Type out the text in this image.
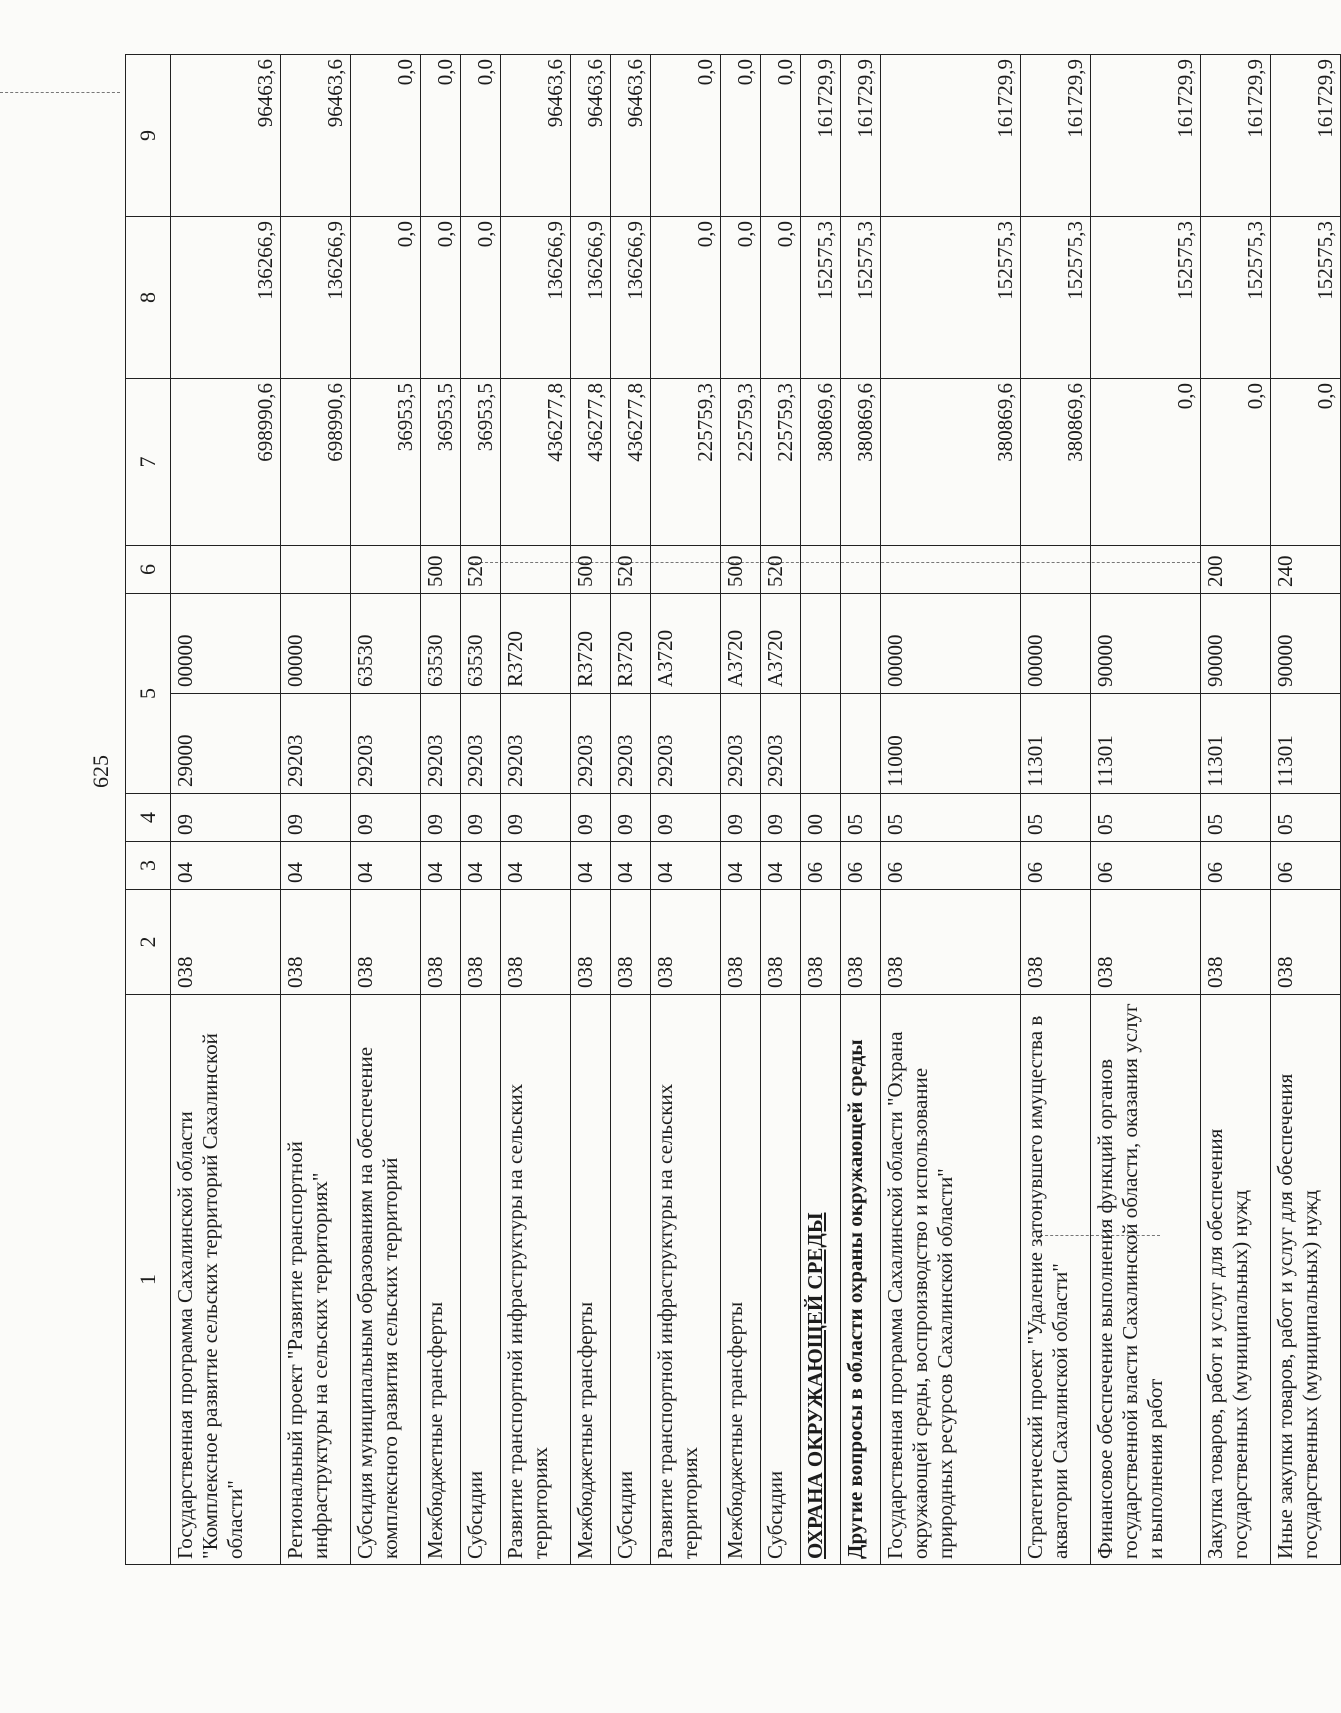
625
1	2	3	4	5		6	7	8	9
Государственная программа Сахалинской области "Комплексное развитие сельских территорий Сахалинской области"	038	04	09	29000	00000		698990,6	136266,9	96463,6
Региональный проект "Развитие транспортной инфраструктуры на сельских территориях"	038	04	09	29203	00000		698990,6	136266,9	96463,6
Субсидия муниципальным образованиям на обеспечение комплексного развития сельских территорий	038	04	09	29203	63530		36953,5	0,0	0,0
Межбюджетные трансферты	038	04	09	29203	63530	500	36953,5	0,0	0,0
Субсидии	038	04	09	29203	63530	520	36953,5	0,0	0,0
Развитие транспортной инфраструктуры на сельских территориях	038	04	09	29203	R3720		436277,8	136266,9	96463,6
Межбюджетные трансферты	038	04	09	29203	R3720	500	436277,8	136266,9	96463,6
Субсидии	038	04	09	29203	R3720	520	436277,8	136266,9	96463,6
Развитие транспортной инфраструктуры на сельских территориях	038	04	09	29203	A3720		225759,3	0,0	0,0
Межбюджетные трансферты	038	04	09	29203	A3720	500	225759,3	0,0	0,0
Субсидии	038	04	09	29203	A3720	520	225759,3	0,0	0,0
ОХРАНА ОКРУЖАЮЩЕЙ СРЕДЫ	038	06	00				380869,6	152575,3	161729,9
Другие вопросы в области охраны окружающей среды	038	06	05				380869,6	152575,3	161729,9
Государственная программа Сахалинской области "Охрана окружающей среды, воспроизводство и использование природных ресурсов Сахалинской области"	038	06	05	11000	00000		380869,6	152575,3	161729,9
Стратегический проект "Удаление затонувшего имущества в акватории Сахалинской области"	038	06	05	11301	00000		380869,6	152575,3	161729,9
Финансовое обеспечение выполнения функций органов государственной власти Сахалинской области, оказания услуг и выполнения работ	038	06	05	11301	90000		0,0	152575,3	161729,9
Закупка товаров, работ и услуг для обеспечения государственных (муниципальных) нужд	038	06	05	11301	90000	200	0,0	152575,3	161729,9
Иные закупки товаров, работ и услуг для обеспечения государственных (муниципальных) нужд	038	06	05	11301	90000	240	0,0	152575,3	161729,9
